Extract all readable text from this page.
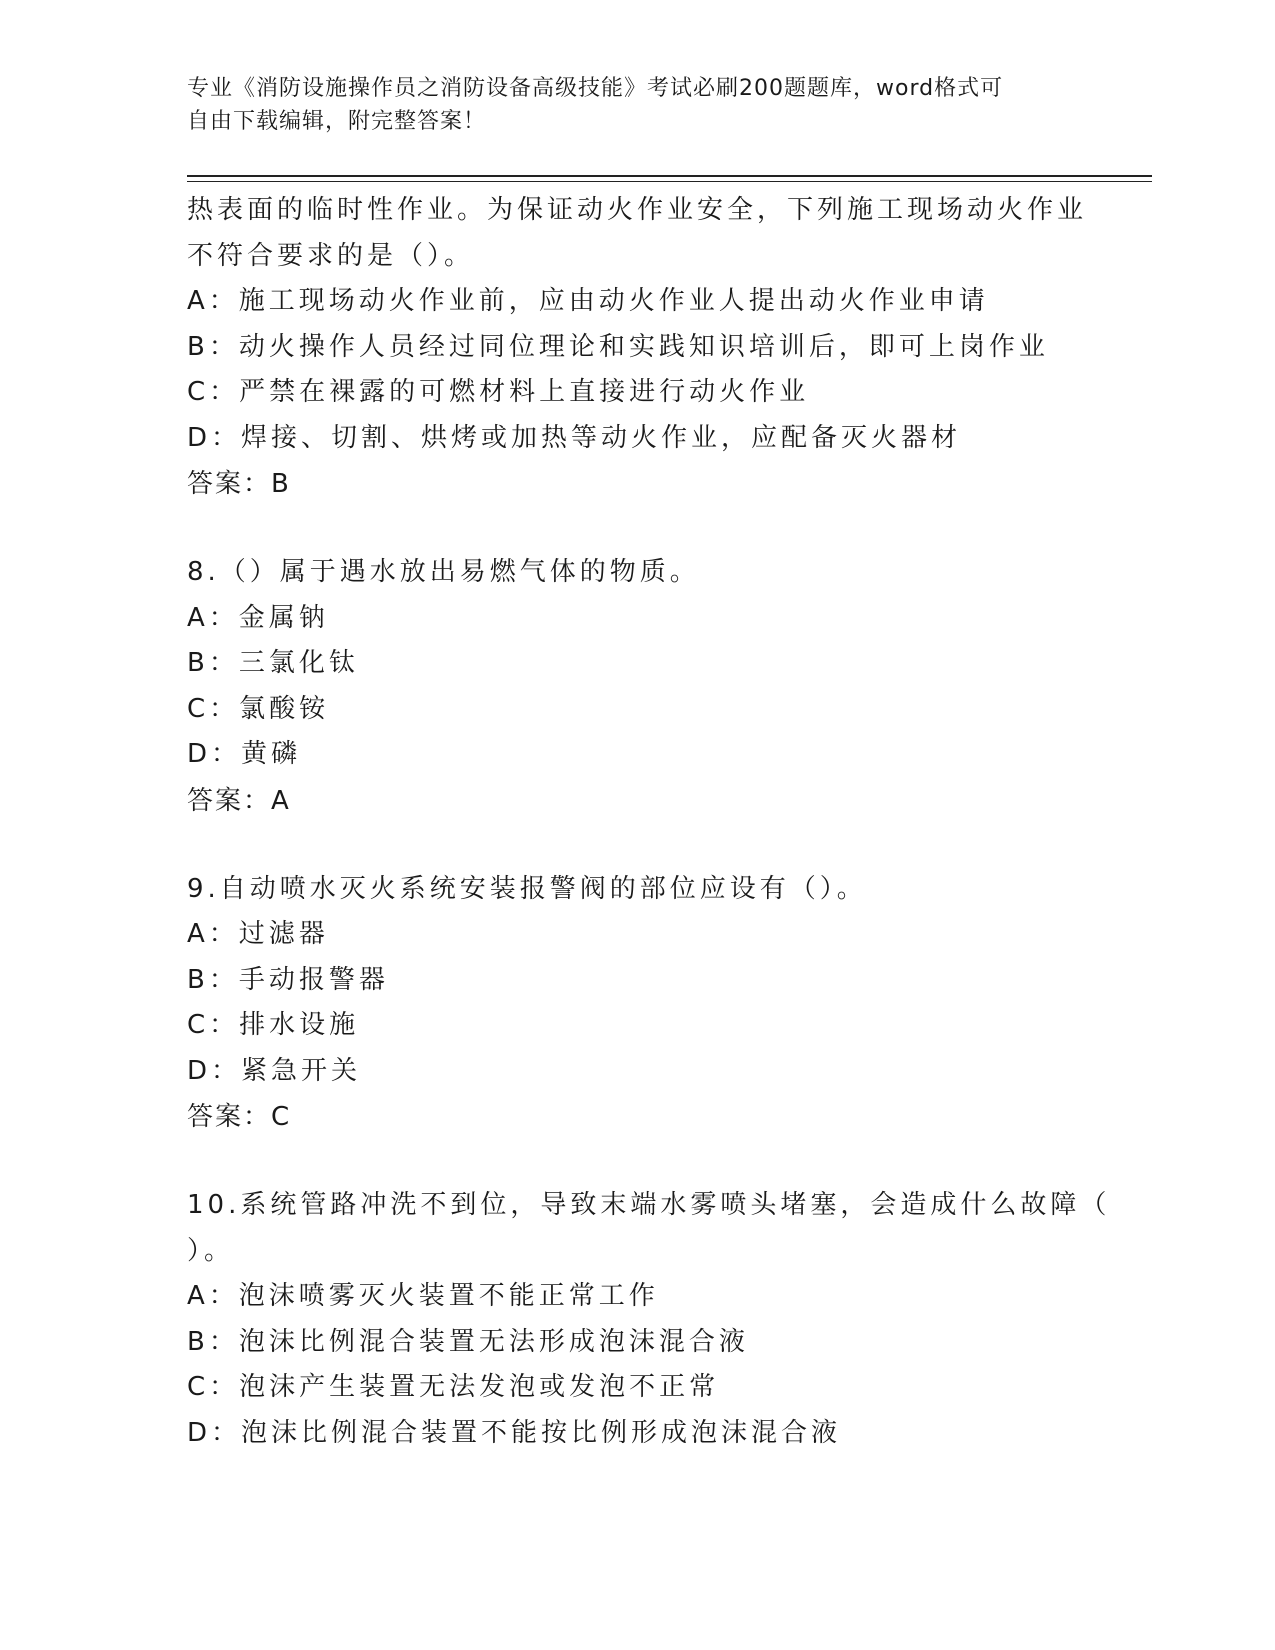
专业《消防设施操作员之消防设备高级技能》考试必刷200题题库，word格式可
自由下载编辑，附完整答案！
热表面的临时性作业。为保证动火作业安全，下列施工现场动火作业
不符合要求的是（）。
A：施工现场动火作业前，应由动火作业人提出动火作业申请
B：动火操作人员经过同位理论和实践知识培训后，即可上岗作业
C：严禁在裸露的可燃材料上直接进行动火作业
D：焊接、切割、烘烤或加热等动火作业，应配备灭火器材
答案：B
8.（）属于遇水放出易燃气体的物质。
A：金属钠
B：三氯化钛
C：氯酸铵
D：黄磷
答案：A
9.自动喷水灭火系统安装报警阀的部位应设有（）。
A：过滤器
B：手动报警器
C：排水设施
D：紧急开关
答案：C
10.系统管路冲洗不到位，导致末端水雾喷头堵塞，会造成什么故障（
）。
A：泡沫喷雾灭火装置不能正常工作
B：泡沫比例混合装置无法形成泡沫混合液
C：泡沫产生装置无法发泡或发泡不正常
D：泡沫比例混合装置不能按比例形成泡沫混合液
